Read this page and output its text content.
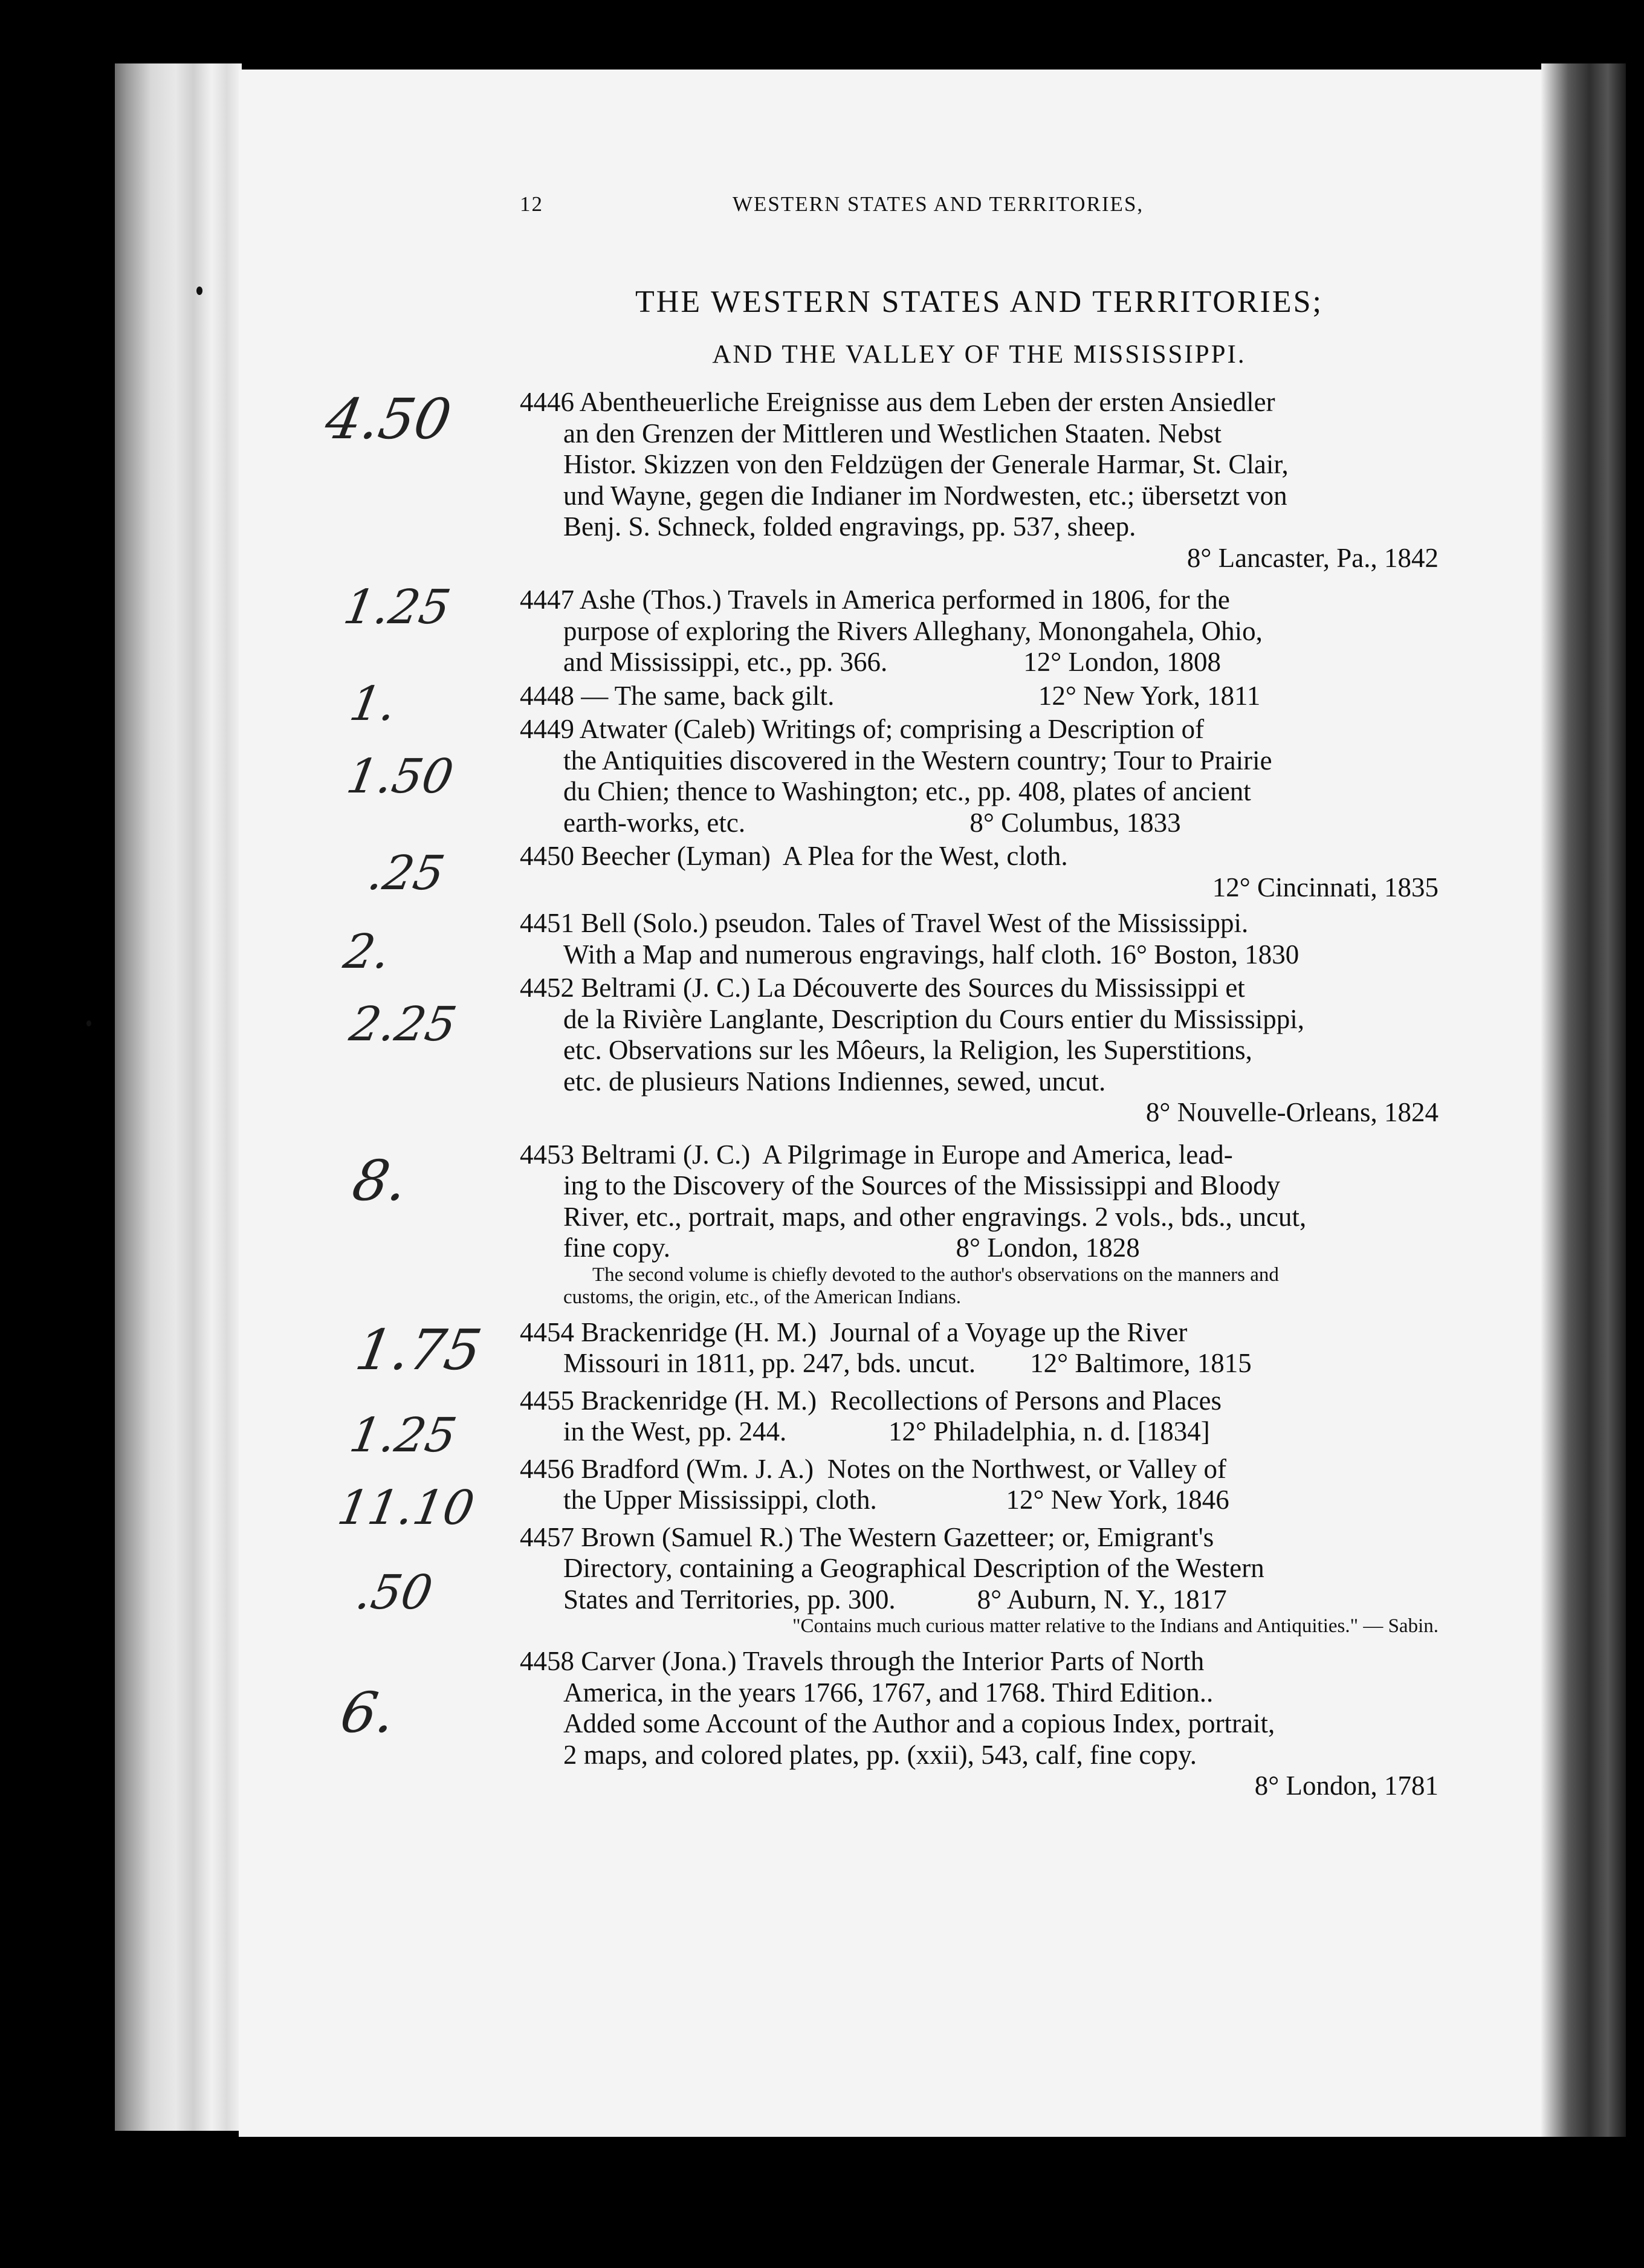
12	WESTERN STATES AND TERRITORIES,
THE WESTERN STATES AND TERRITORIES;
AND THE VALLEY OF THE MISSISSIPPI.
4446 Abentheuerliche Ereignisse aus dem Leben der ersten Ansiedler
an den Grenzen der Mittleren und Westlichen Staaten. Nebst
Histor. Skizzen von den Feldzügen der Generale Harmar, St. Clair,
und Wayne, gegen die Indianer im Nordwesten, etc.; übersetzt von
Benj. S. Schneck, folded engravings, pp. 537, sheep.
8° Lancaster, Pa., 1842
4447 Ashe (Thos.) Travels in America performed in 1806, for the
purpose of exploring the Rivers Alleghany, Monongahela, Ohio,
and Mississippi, etc., pp. 366.                    12° London, 1808
4448 — The same, back gilt.                              12° New York, 1811
4449 Atwater (Caleb) Writings of; comprising a Description of
the Antiquities discovered in the Western country; Tour to Prairie
du Chien; thence to Washington; etc., pp. 408, plates of ancient
earth-works, etc.                                 8° Columbus, 1833
4450 Beecher (Lyman)  A Plea for the West, cloth.
12° Cincinnati, 1835
4451 Bell (Solo.) pseudon. Tales of Travel West of the Mississippi.
With a Map and numerous engravings, half cloth. 16° Boston, 1830
4452 Beltrami (J. C.) La Découverte des Sources du Mississippi et
de la Rivière Langlante, Description du Cours entier du Mississippi,
etc. Observations sur les Môeurs, la Religion, les Superstitions,
etc. de plusieurs Nations Indiennes, sewed, uncut.
8° Nouvelle-Orleans, 1824
4453 Beltrami (J. C.)  A Pilgrimage in Europe and America, lead-
ing to the Discovery of the Sources of the Mississippi and Bloody
River, etc., portrait, maps, and other engravings. 2 vols., bds., uncut,
fine copy.                                          8° London, 1828
The second volume is chiefly devoted to the author's observations on the manners and
customs, the origin, etc., of the American Indians.
4454 Brackenridge (H. M.)  Journal of a Voyage up the River
Missouri in 1811, pp. 247, bds. uncut.        12° Baltimore, 1815
4455 Brackenridge (H. M.)  Recollections of Persons and Places
in the West, pp. 244.               12° Philadelphia, n. d. [1834]
4456 Bradford (Wm. J. A.)  Notes on the Northwest, or Valley of
the Upper Mississippi, cloth.                   12° New York, 1846
4457 Brown (Samuel R.) The Western Gazetteer; or, Emigrant's
Directory, containing a Geographical Description of the Western
States and Territories, pp. 300.            8° Auburn, N. Y., 1817
"Contains much curious matter relative to the Indians and Antiquities." — Sabin.
4458 Carver (Jona.) Travels through the Interior Parts of North
America, in the years 1766, 1767, and 1768. Third Edition..
Added some Account of the Author and a copious Index, portrait,
2 maps, and colored plates, pp. (xxii), 543, calf, fine copy.
8° London, 1781
4.50
1.25
1.
1.50
.25
2.
2.25
8.
1.75
1.25
11.10
.50
6.
